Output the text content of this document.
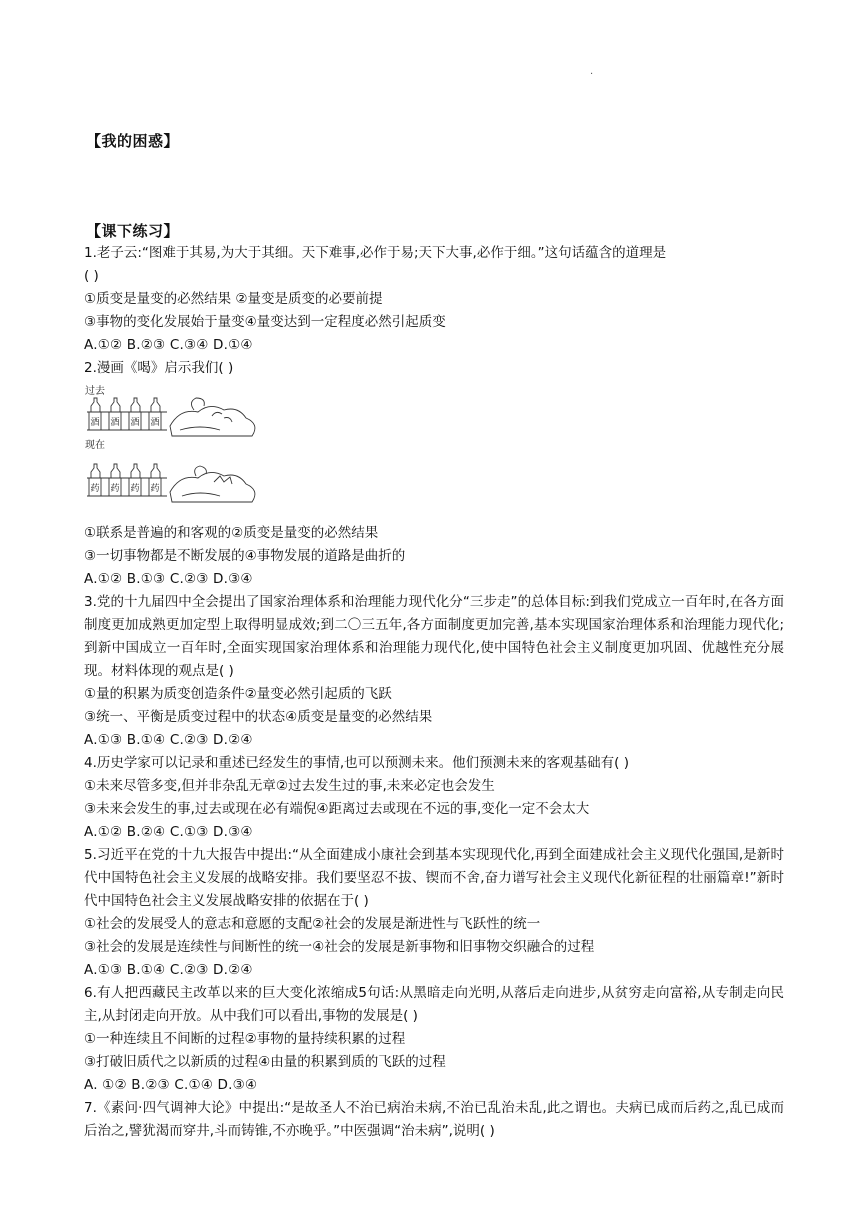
.
【我的困惑】
【课下练习】
1.老子云:“图难于其易,为大于其细。天下难事,必作于易;天下大事,必作于细。”这句话蕴含的道理是
( )
①质变是量变的必然结果 ②量变是质变的必要前提
③事物的变化发展始于量变④量变达到一定程度必然引起质变
A.①② B.②③ C.③④ D.①④
2.漫画《喝》启示我们( )
过去
酒 酒 酒 酒
现在
药 药 药 药
①联系是普遍的和客观的②质变是量变的必然结果
③一切事物都是不断发展的④事物发展的道路是曲折的
A.①② B.①③ C.②③ D.③④
3.党的十九届四中全会提出了国家治理体系和治理能力现代化分“三步走”的总体目标:到我们党成立一百年时,在各方面制度更加成熟更加定型上取得明显成效;到二〇三五年,各方面制度更加完善,基本实现国家治理体系和治理能力现代化;到新中国成立一百年时,全面实现国家治理体系和治理能力现代化,使中国特色社会主义制度更加巩固、优越性充分展现。材料体现的观点是( )
①量的积累为质变创造条件②量变必然引起质的飞跃
③统一、平衡是质变过程中的状态④质变是量变的必然结果
A.①③ B.①④ C.②③ D.②④
4.历史学家可以记录和重述已经发生的事情,也可以预测未来。他们预测未来的客观基础有( )
①未来尽管多变,但并非杂乱无章②过去发生过的事,未来必定也会发生
③未来会发生的事,过去或现在必有端倪④距离过去或现在不远的事,变化一定不会太大
A.①② B.②④ C.①③ D.③④
5.习近平在党的十九大报告中提出:“从全面建成小康社会到基本实现现代化,再到全面建成社会主义现代化强国,是新时代中国特色社会主义发展的战略安排。我们要坚忍不拔、锲而不舍,奋力谱写社会主义现代化新征程的壮丽篇章!”新时代中国特色社会主义发展战略安排的依据在于( )
①社会的发展受人的意志和意愿的支配②社会的发展是渐进性与飞跃性的统一
③社会的发展是连续性与间断性的统一④社会的发展是新事物和旧事物交织融合的过程
A.①③ B.①④ C.②③ D.②④
6.有人把西藏民主改革以来的巨大变化浓缩成5句话:从黑暗走向光明,从落后走向进步,从贫穷走向富裕,从专制走向民主,从封闭走向开放。从中我们可以看出,事物的发展是( )
①一种连续且不间断的过程②事物的量持续积累的过程
③打破旧质代之以新质的过程④由量的积累到质的飞跃的过程
A. ①② B.②③ C.①④ D.③④
7.《素问·四气调神大论》中提出:“是故圣人不治已病治未病,不治已乱治未乱,此之谓也。夫病已成而后药之,乱已成而后治之,譬犹渴而穿井,斗而铸锥,不亦晚乎。”中医强调“治未病”,说明( )
